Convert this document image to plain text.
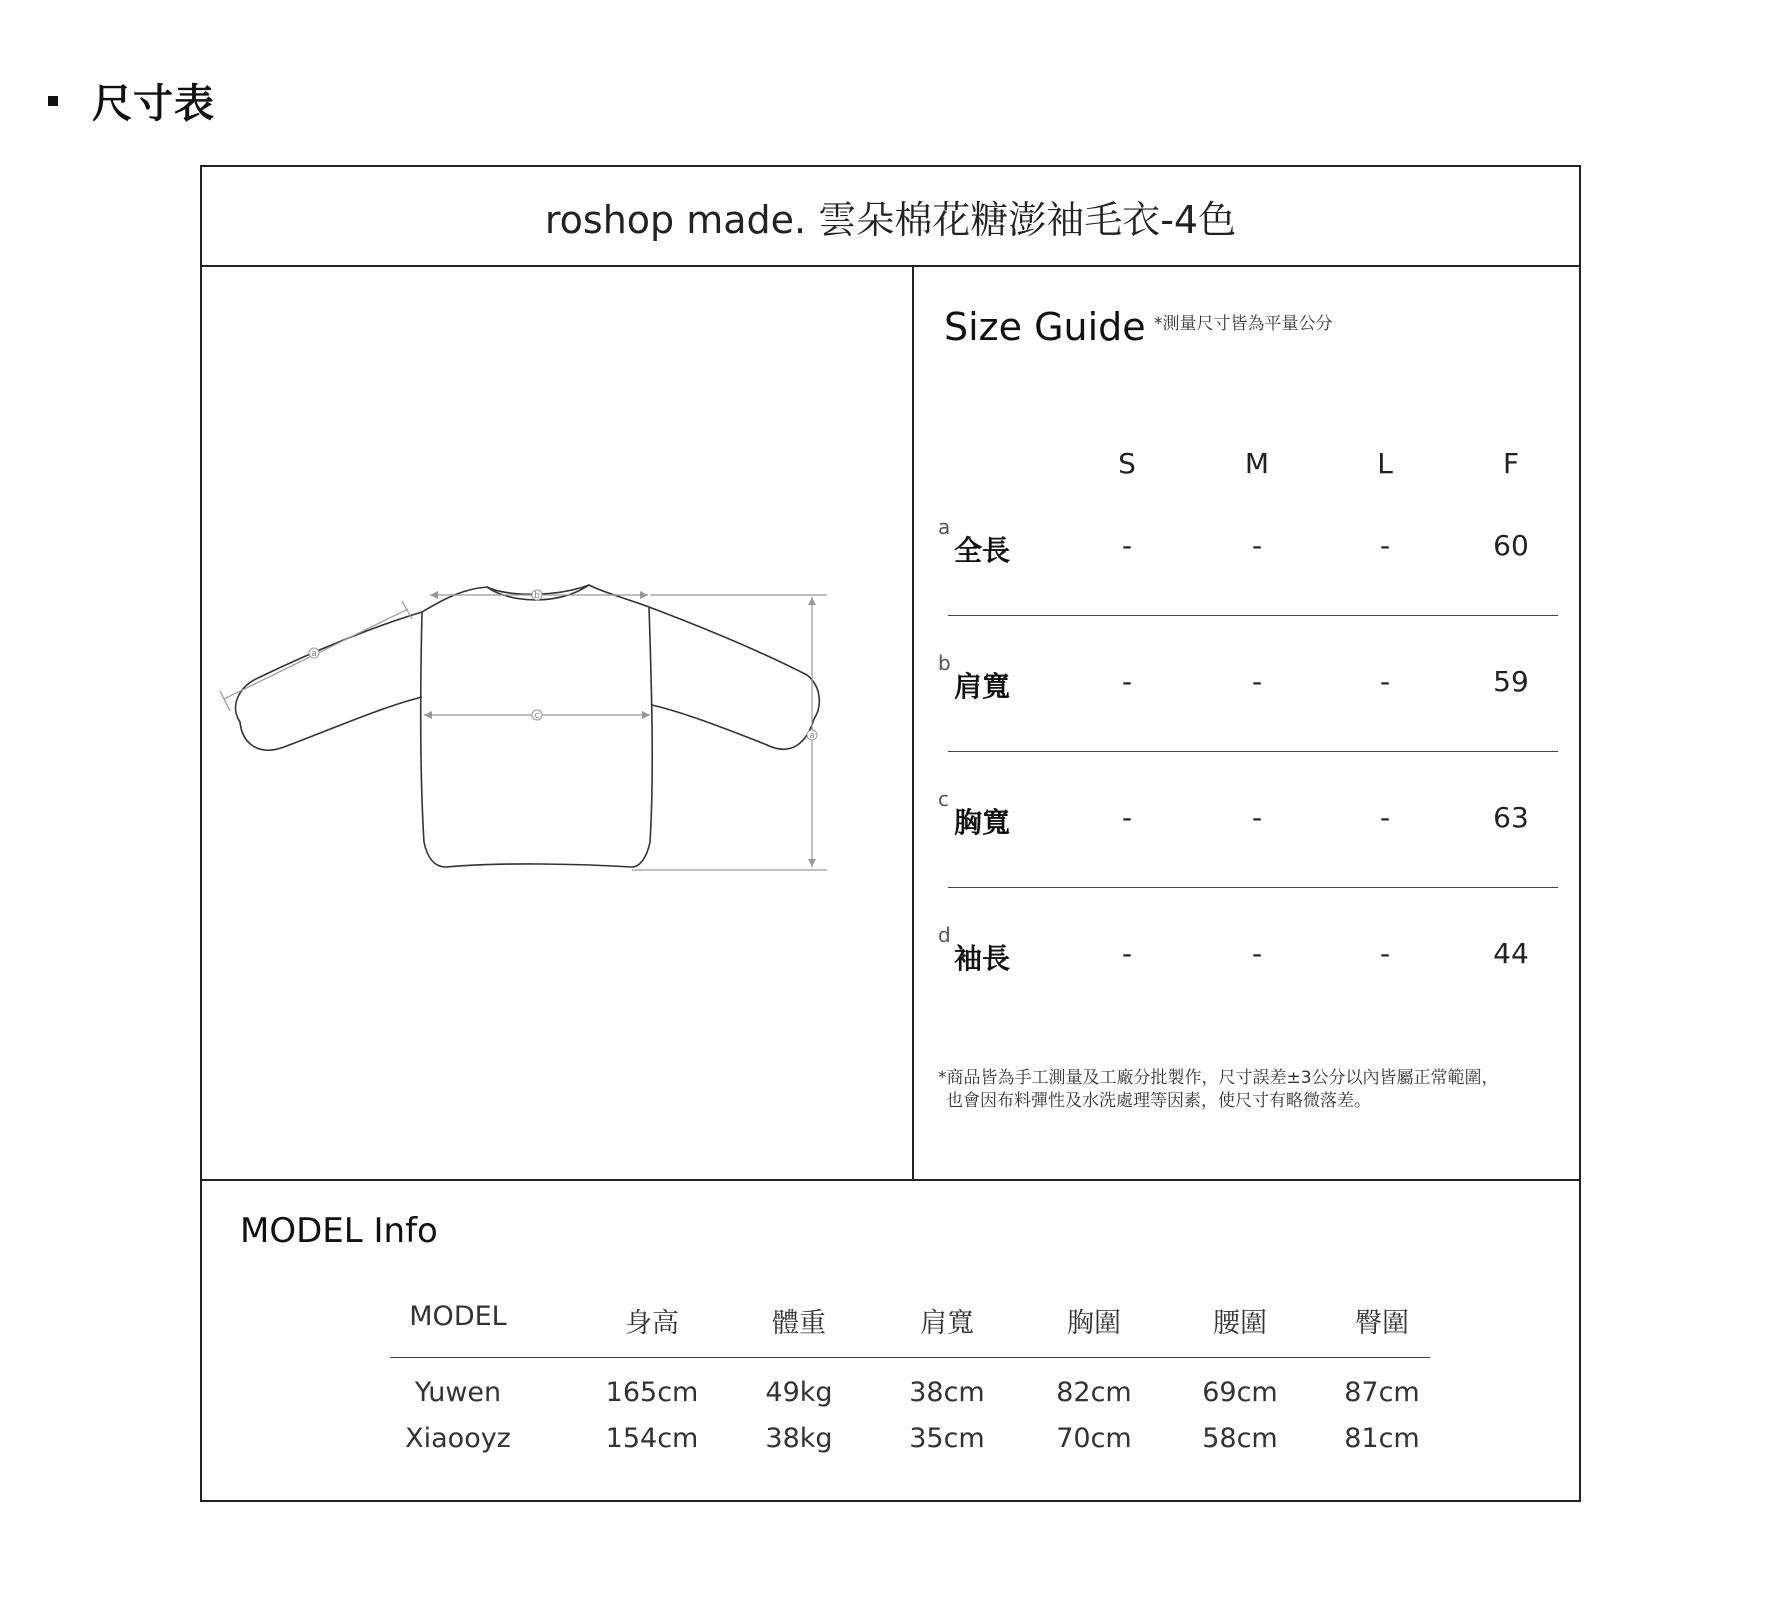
尺寸表
roshop made. 雲朵棉花糖澎袖毛衣-4色
a
b
c
a
Size Guide *測量尺寸皆為平量公分
S	M	L	F
a
全長	-	-	-	60
b
肩寬	-	-	-	59
c
胸寬	-	-	-	63
d
袖長	-	-	-	44
*商品皆為手工測量及工廠分批製作，尺寸誤差±3公分以內皆屬正常範圍，
也會因布料彈性及水洗處理等因素，使尺寸有略微落差。
MODEL Info
MODEL	身高	體重	肩寬	胸圍	腰圍	臀圍
Yuwen	165cm	49kg	38cm	82cm	69cm	87cm
Xiaooyz	154cm	38kg	35cm	70cm	58cm	81cm
